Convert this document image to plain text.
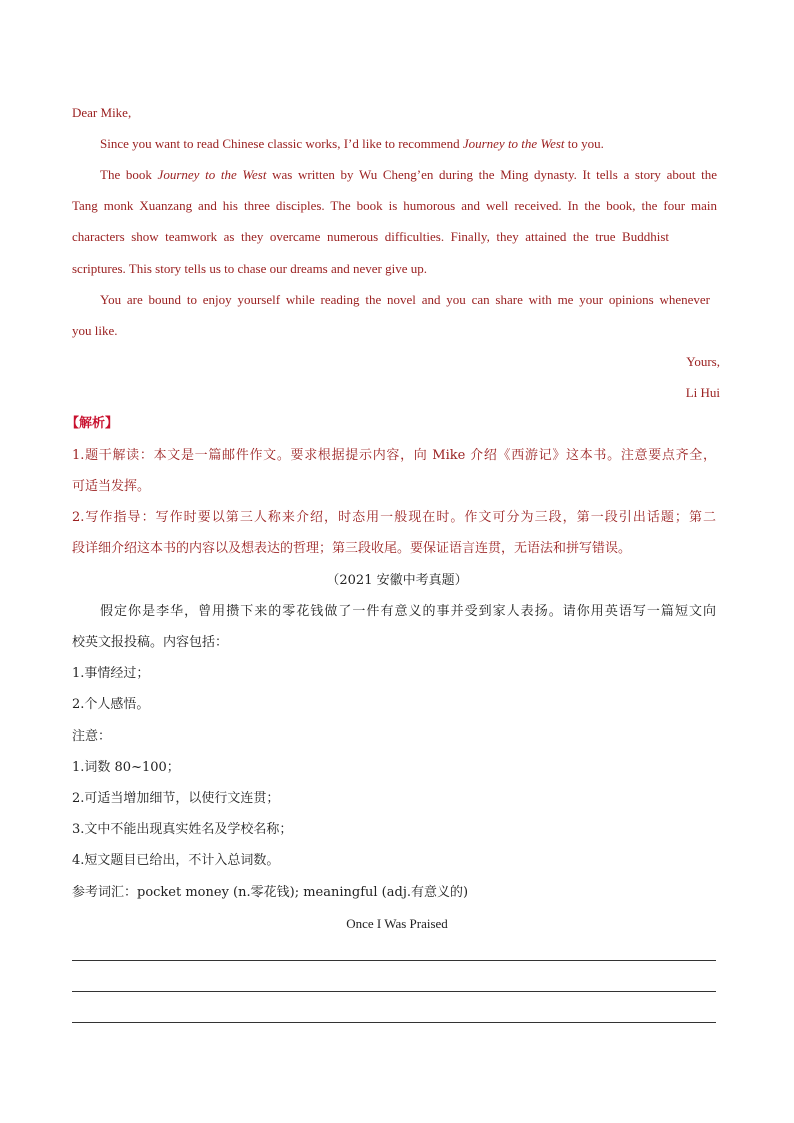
Dear Mike,
Since you want to read Chinese classic works, I’d like to recommend Journey to the West to you.
The book Journey to the West was written by Wu Cheng’en during the Ming dynasty. It tells a story about the
Tang monk Xuanzang and his three disciples. The book is humorous and well received. In the book, the four main
characters show teamwork as they overcame numerous difficulties. Finally, they attained the true Buddhist
scriptures. This story tells us to chase our dreams and never give up.
You are bound to enjoy yourself while reading the novel and you can share with me your opinions whenever
you like.
Yours,
Li Hui
【解析】
1.题干解读：本文是一篇邮件作文。要求根据提示内容，向 Mike 介绍《西游记》这本书。注意要点齐全，
可适当发挥。
2.写作指导：写作时要以第三人称来介绍，时态用一般现在时。作文可分为三段，第一段引出话题；第二
段详细介绍这本书的内容以及想表达的哲理；第三段收尾。要保证语言连贯，无语法和拼写错误。
（2021 安徽中考真题）
假定你是李华，曾用攒下来的零花钱做了一件有意义的事并受到家人表扬。请你用英语写一篇短文向
校英文报投稿。内容包括：
1.事情经过；
2.个人感悟。
注意：
1.词数 80~100；
2.可适当增加细节，以使行文连贯；
3.文中不能出现真实姓名及学校名称；
4.短文题目已给出，不计入总词数。
参考词汇：pocket money (n.零花钱); meaningful (adj.有意义的)
Once I Was Praised
